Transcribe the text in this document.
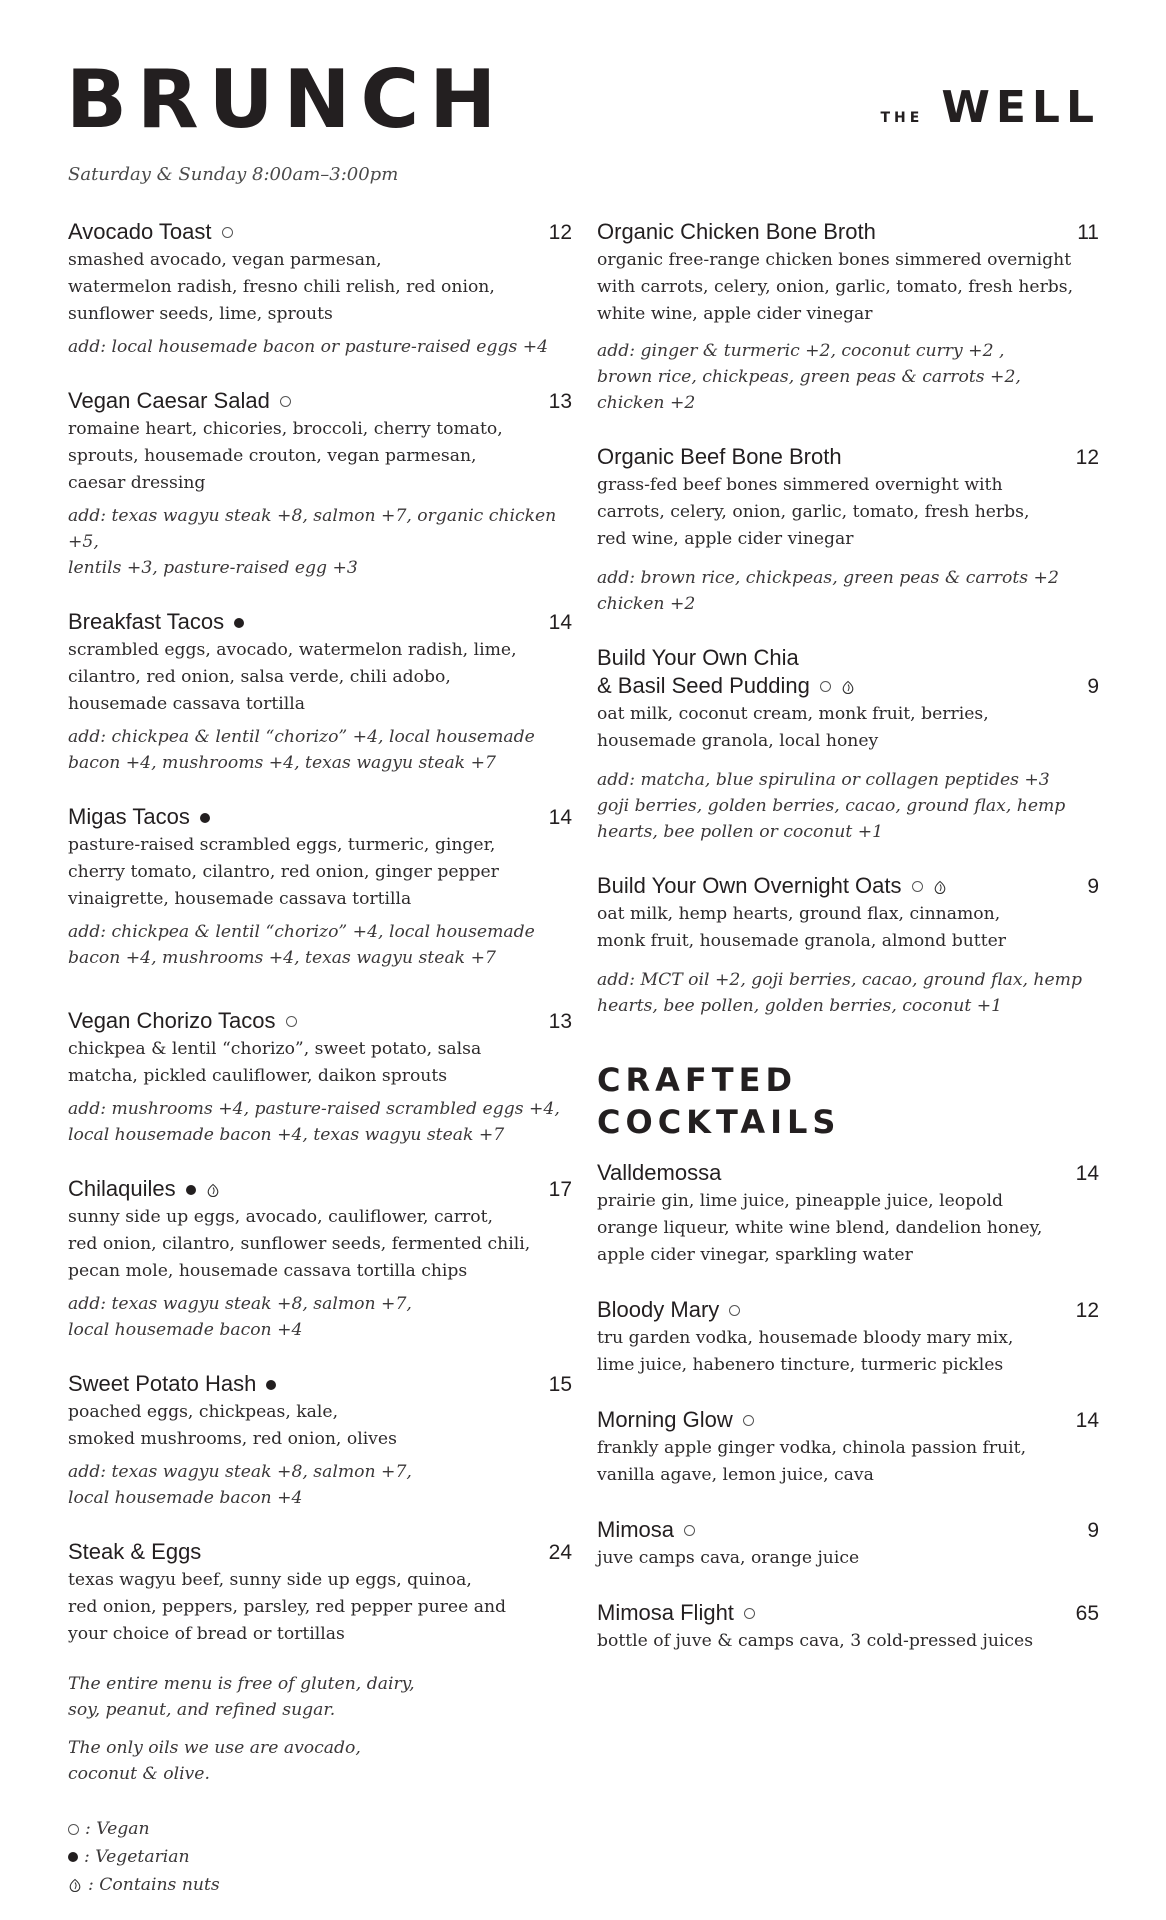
BRUNCH	THE WELL
Saturday & Sunday 8:00am–3:00pm
Avocado Toast	12
smashed avocado, vegan parmesan,
watermelon radish, fresno chili relish, red onion,
sunflower seeds, lime, sprouts
add: local housemade bacon or pasture-raised eggs +4
Vegan Caesar Salad	13
romaine heart, chicories, broccoli, cherry tomato,
sprouts, housemade crouton, vegan parmesan,
caesar dressing
add: texas wagyu steak +8, salmon +7, organic chicken +5,
lentils +3, pasture-raised egg +3
Breakfast Tacos	14
scrambled eggs, avocado, watermelon radish, lime,
cilantro, red onion, salsa verde, chili adobo,
housemade cassava tortilla
add: chickpea & lentil “chorizo” +4, local housemade
bacon +4, mushrooms +4, texas wagyu steak +7
Migas Tacos	14
pasture-raised scrambled eggs, turmeric, ginger,
cherry tomato, cilantro, red onion, ginger pepper
vinaigrette, housemade cassava tortilla
add: chickpea & lentil “chorizo” +4, local housemade
bacon +4, mushrooms +4, texas wagyu steak +7
Vegan Chorizo Tacos	13
chickpea & lentil “chorizo”, sweet potato, salsa
matcha, pickled cauliflower, daikon sprouts
add: mushrooms +4, pasture-raised scrambled eggs +4,
local housemade bacon +4, texas wagyu steak +7
Chilaquiles	17
sunny side up eggs, avocado, cauliflower, carrot,
red onion, cilantro, sunflower seeds, fermented chili,
pecan mole, housemade cassava tortilla chips
add: texas wagyu steak +8, salmon +7,
local housemade bacon +4
Sweet Potato Hash	15
poached eggs, chickpeas, kale,
smoked mushrooms, red onion, olives
add: texas wagyu steak +8, salmon +7,
local housemade bacon +4
Steak & Eggs	24
texas wagyu beef, sunny side up eggs, quinoa,
red onion, peppers, parsley, red pepper puree and
your choice of bread or tortillas
The entire menu is free of gluten, dairy,
soy, peanut, and refined sugar.
The only oils we use are avocado,
coconut & olive.
: Vegan
: Vegetarian
: Contains nuts
Organic Chicken Bone Broth	11
organic free-range chicken bones simmered overnight
with carrots, celery, onion, garlic, tomato, fresh herbs,
white wine, apple cider vinegar
add: ginger & turmeric +2, coconut curry +2 ,
brown rice, chickpeas, green peas & carrots +2,
chicken +2
Organic Beef Bone Broth	12
grass-fed beef bones simmered overnight with
carrots, celery, onion, garlic, tomato, fresh herbs,
red wine, apple cider vinegar
add: brown rice, chickpeas, green peas & carrots +2
chicken +2
Build Your Own Chia
& Basil Seed Pudding	9
oat milk, coconut cream, monk fruit, berries,
housemade granola, local honey
add: matcha, blue spirulina or collagen peptides +3
goji berries, golden berries, cacao, ground flax, hemp
hearts, bee pollen or coconut +1
Build Your Own Overnight Oats	9
oat milk, hemp hearts, ground flax, cinnamon,
monk fruit, housemade granola, almond butter
add: MCT oil +2, goji berries, cacao, ground flax, hemp
hearts, bee pollen, golden berries, coconut +1
CRAFTED
COCKTAILS
Valldemossa	14
prairie gin, lime juice, pineapple juice, leopold
orange liqueur, white wine blend, dandelion honey,
apple cider vinegar, sparkling water
Bloody Mary	12
tru garden vodka, housemade bloody mary mix,
lime juice, habenero tincture, turmeric pickles
Morning Glow	14
frankly apple ginger vodka, chinola passion fruit,
vanilla agave, lemon juice, cava
Mimosa	9
juve camps cava, orange juice
Mimosa Flight	65
bottle of juve & camps cava, 3 cold-pressed juices
